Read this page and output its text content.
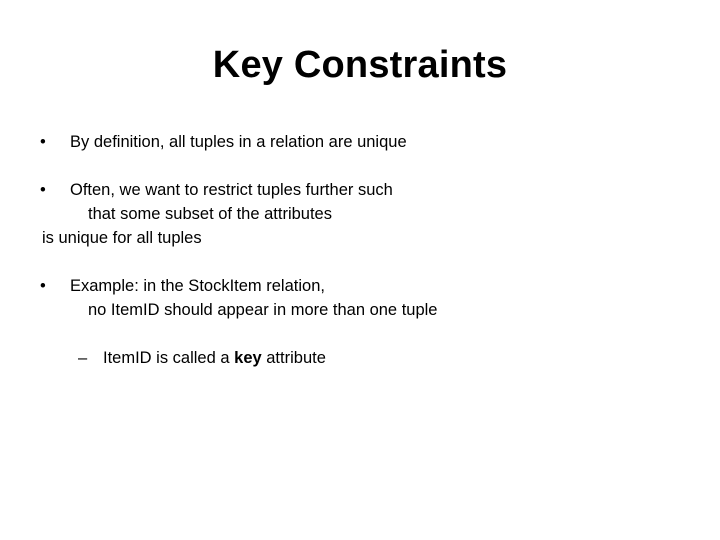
Key Constraints
• By definition, all tuples in a relation are unique
• Often, we want to restrict tuples further such
that some subset of the attributes
is unique for all tuples
• Example: in the StockItem relation,
no ItemID should appear in more than one tuple
– ItemID is called a key attribute
